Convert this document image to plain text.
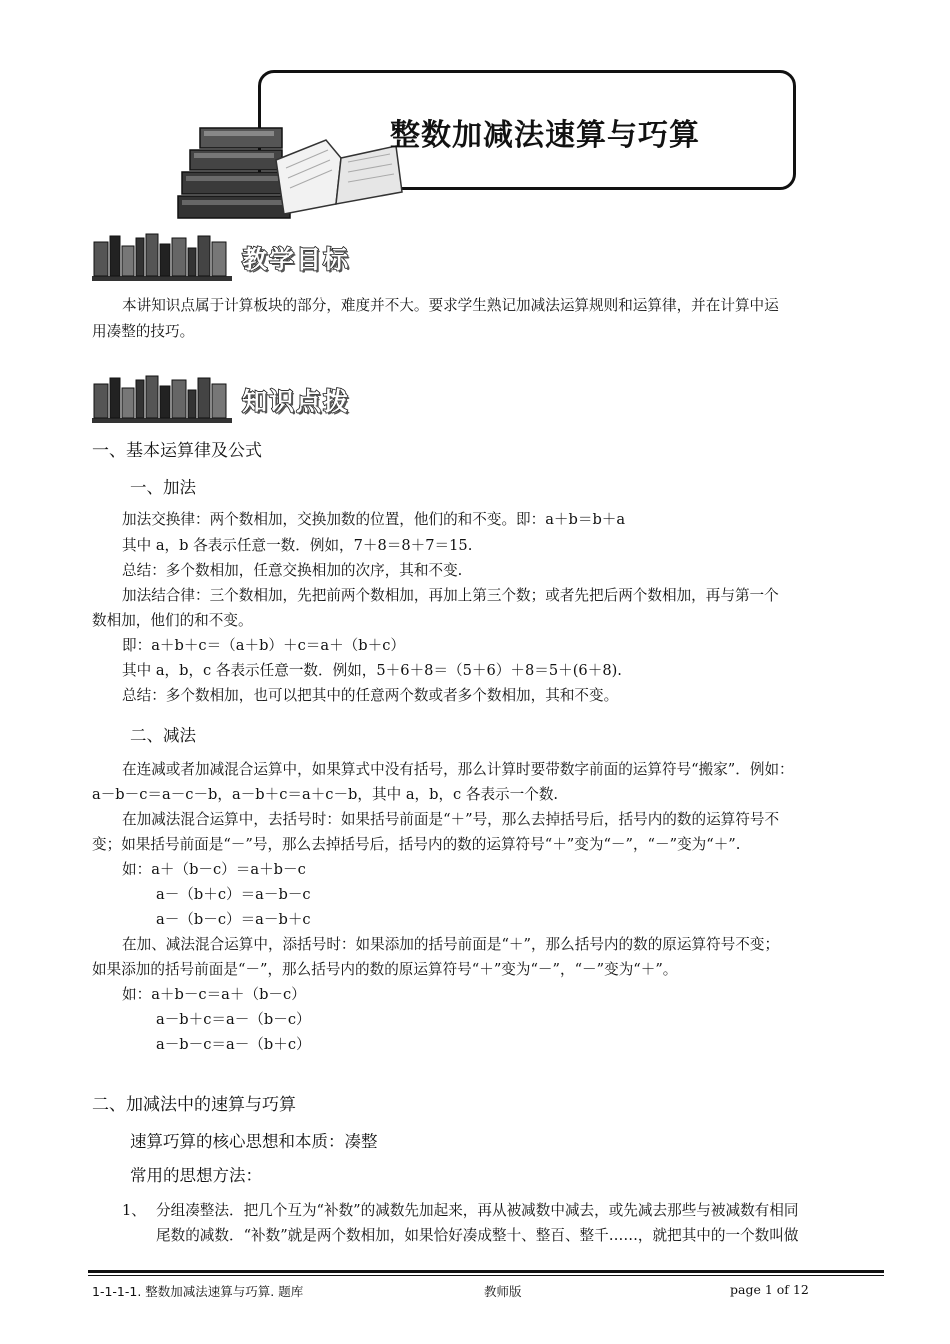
整数加减法速算与巧算
教学目标
本讲知识点属于计算板块的部分，难度并不大。要求学生熟记加减法运算规则和运算律，并在计算中运
用凑整的技巧。
知识点拨
一、基本运算律及公式
一、加法
加法交换律：两个数相加，交换加数的位置，他们的和不变。即：a＋b＝b＋a
其中 a，b 各表示任意一数．例如，7＋8＝8＋7＝15.
总结：多个数相加，任意交换相加的次序，其和不变.
加法结合律：三个数相加，先把前两个数相加，再加上第三个数；或者先把后两个数相加，再与第一个
数相加，他们的和不变。
即：a＋b＋c＝（a＋b）＋c＝a＋（b＋c）
其中 a，b，c 各表示任意一数．例如，5＋6＋8＝（5＋6）＋8＝5＋(6＋8).
总结：多个数相加，也可以把其中的任意两个数或者多个数相加，其和不变。
二、减法
在连减或者加减混合运算中，如果算式中没有括号，那么计算时要带数字前面的运算符号“搬家”．例如：
a－b－c＝a－c－b，a－b＋c＝a＋c－b，其中 a，b，c 各表示一个数.
在加减法混合运算中，去括号时：如果括号前面是“＋”号，那么去掉括号后，括号内的数的运算符号不
变；如果括号前面是“－”号，那么去掉括号后，括号内的数的运算符号“＋”变为“－”，“－”变为“＋”.
如：a＋（b－c）＝a＋b－c
a－（b＋c）＝a－b－c
a－（b－c）＝a－b＋c
在加、减法混合运算中，添括号时：如果添加的括号前面是“＋”，那么括号内的数的原运算符号不变；
如果添加的括号前面是“－”，那么括号内的数的原运算符号“＋”变为“－”，“－”变为“＋”。
如：a＋b－c＝a＋（b－c）
a－b＋c＝a－（b－c）
a－b－c＝a－（b＋c）
二、加减法中的速算与巧算
速算巧算的核心思想和本质：凑整
常用的思想方法：
1、 分组凑整法．把几个互为“补数”的减数先加起来，再从被减数中减去，或先减去那些与被减数有相同
尾数的减数．“补数”就是两个数相加，如果恰好凑成整十、整百、整千……，就把其中的一个数叫做
1-1-1-1. 整数加减法速算与巧算. 题库	教师版	page 1 of 12
